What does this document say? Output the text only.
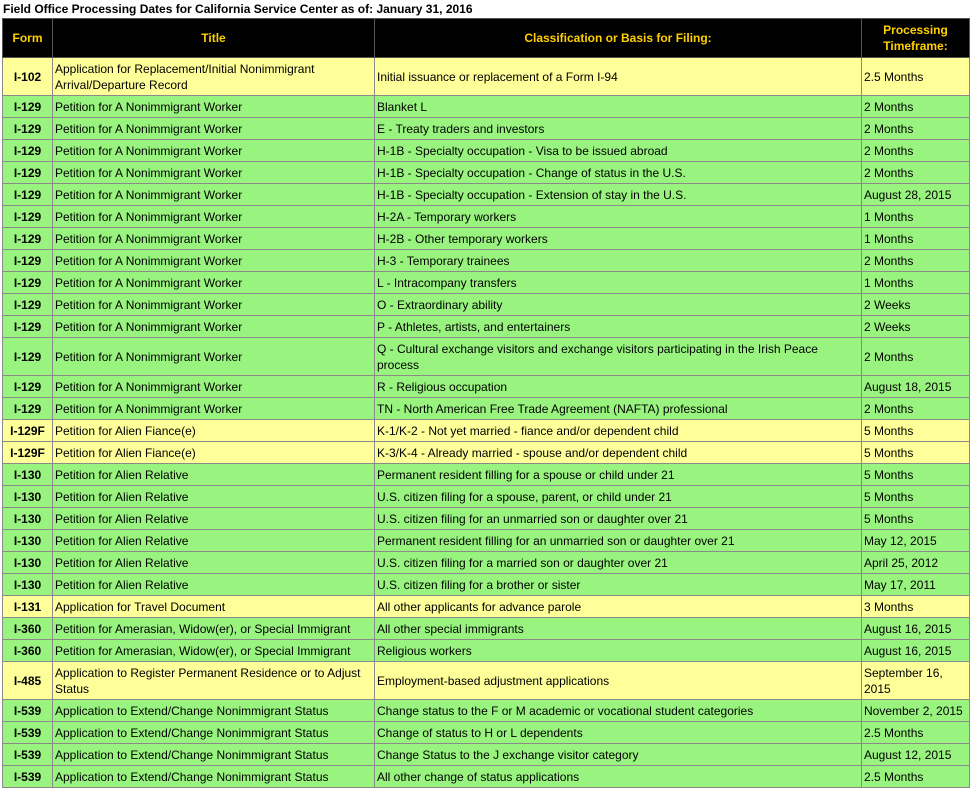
Field Office Processing Dates for California Service Center as of: January 31, 2016
Form	Title	Classification or Basis for Filing:	Processing Timeframe:
I-102	Application for Replacement/Initial Nonimmigrant Arrival/Departure Record	Initial issuance or replacement of a Form I-94	2.5 Months
I-129	Petition for A Nonimmigrant Worker	Blanket L	2 Months
I-129	Petition for A Nonimmigrant Worker	E - Treaty traders and investors	2 Months
I-129	Petition for A Nonimmigrant Worker	H-1B - Specialty occupation - Visa to be issued abroad	2 Months
I-129	Petition for A Nonimmigrant Worker	H-1B - Specialty occupation - Change of status in the U.S.	2 Months
I-129	Petition for A Nonimmigrant Worker	H-1B - Specialty occupation - Extension of stay in the U.S.	August 28, 2015
I-129	Petition for A Nonimmigrant Worker	H-2A - Temporary workers	1 Months
I-129	Petition for A Nonimmigrant Worker	H-2B - Other temporary workers	1 Months
I-129	Petition for A Nonimmigrant Worker	H-3 - Temporary trainees	2 Months
I-129	Petition for A Nonimmigrant Worker	L - Intracompany transfers	1 Months
I-129	Petition for A Nonimmigrant Worker	O - Extraordinary ability	2 Weeks
I-129	Petition for A Nonimmigrant Worker	P - Athletes, artists, and entertainers	2 Weeks
I-129	Petition for A Nonimmigrant Worker	Q - Cultural exchange visitors and exchange visitors participating in the Irish Peace process	2 Months
I-129	Petition for A Nonimmigrant Worker	R - Religious occupation	August 18, 2015
I-129	Petition for A Nonimmigrant Worker	TN - North American Free Trade Agreement (NAFTA) professional	2 Months
I-129F	Petition for Alien Fiance(e)	K-1/K-2 - Not yet married - fiance and/or dependent child	5 Months
I-129F	Petition for Alien Fiance(e)	K-3/K-4 - Already married - spouse and/or dependent child	5 Months
I-130	Petition for Alien Relative	Permanent resident filling for a spouse or child under 21	5 Months
I-130	Petition for Alien Relative	U.S. citizen filing for a spouse, parent, or child under 21	5 Months
I-130	Petition for Alien Relative	U.S. citizen filing for an unmarried son or daughter over 21	5 Months
I-130	Petition for Alien Relative	Permanent resident filling for an unmarried son or daughter over 21	May 12, 2015
I-130	Petition for Alien Relative	U.S. citizen filing for a married son or daughter over 21	April 25, 2012
I-130	Petition for Alien Relative	U.S. citizen filing for a brother or sister	May 17, 2011
I-131	Application for Travel Document	All other applicants for advance parole	3 Months
I-360	Petition for Amerasian, Widow(er), or Special Immigrant	All other special immigrants	August 16, 2015
I-360	Petition for Amerasian, Widow(er), or Special Immigrant	Religious workers	August 16, 2015
I-485	Application to Register Permanent Residence or to Adjust Status	Employment-based adjustment applications	September 16, 2015
I-539	Application to Extend/Change Nonimmigrant Status	Change status to the F or M academic or vocational student categories	November 2, 2015
I-539	Application to Extend/Change Nonimmigrant Status	Change of status to H or L dependents	2.5 Months
I-539	Application to Extend/Change Nonimmigrant Status	Change Status to the J exchange visitor category	August 12, 2015
I-539	Application to Extend/Change Nonimmigrant Status	All other change of status applications	2.5 Months
